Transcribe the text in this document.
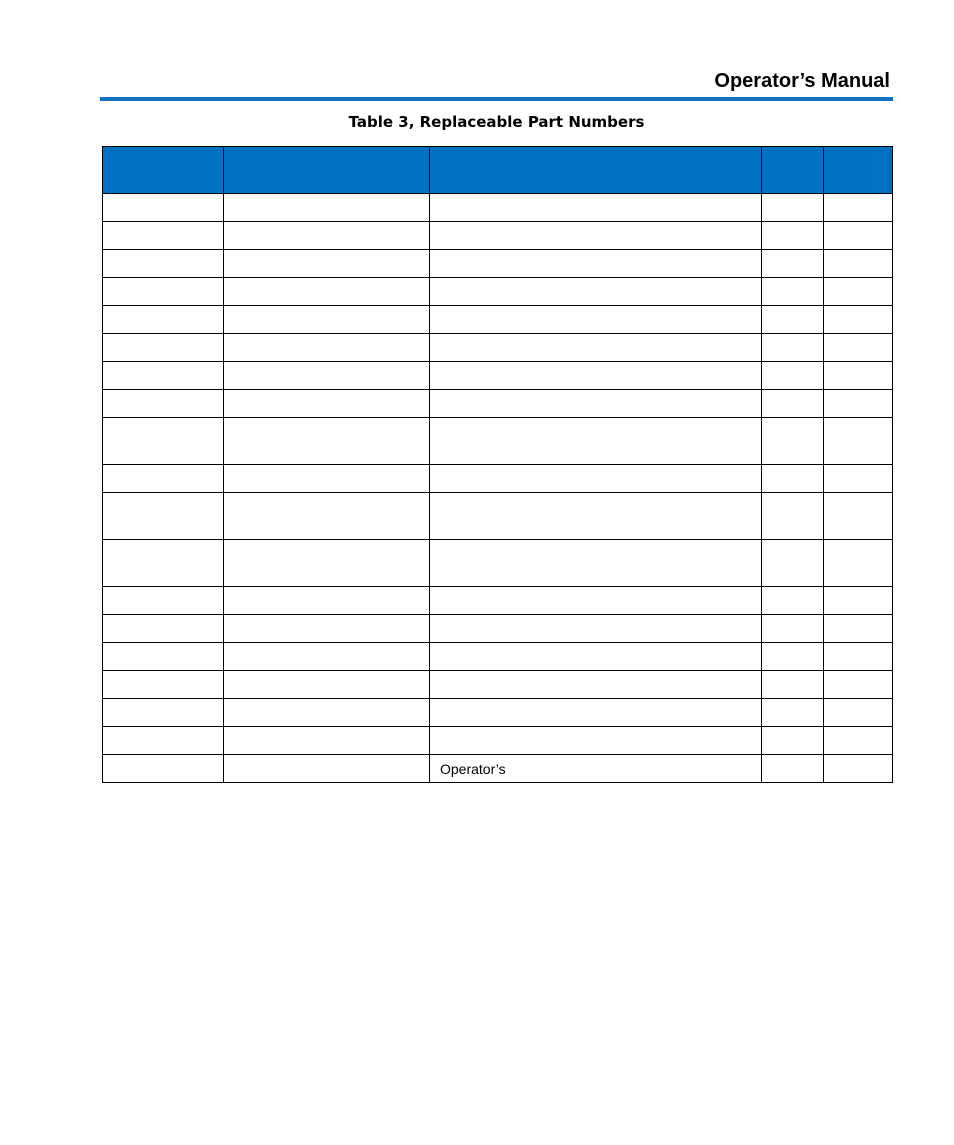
Operator’s Manual
Table 3, Replaceable Part Numbers

		Operator’s		
